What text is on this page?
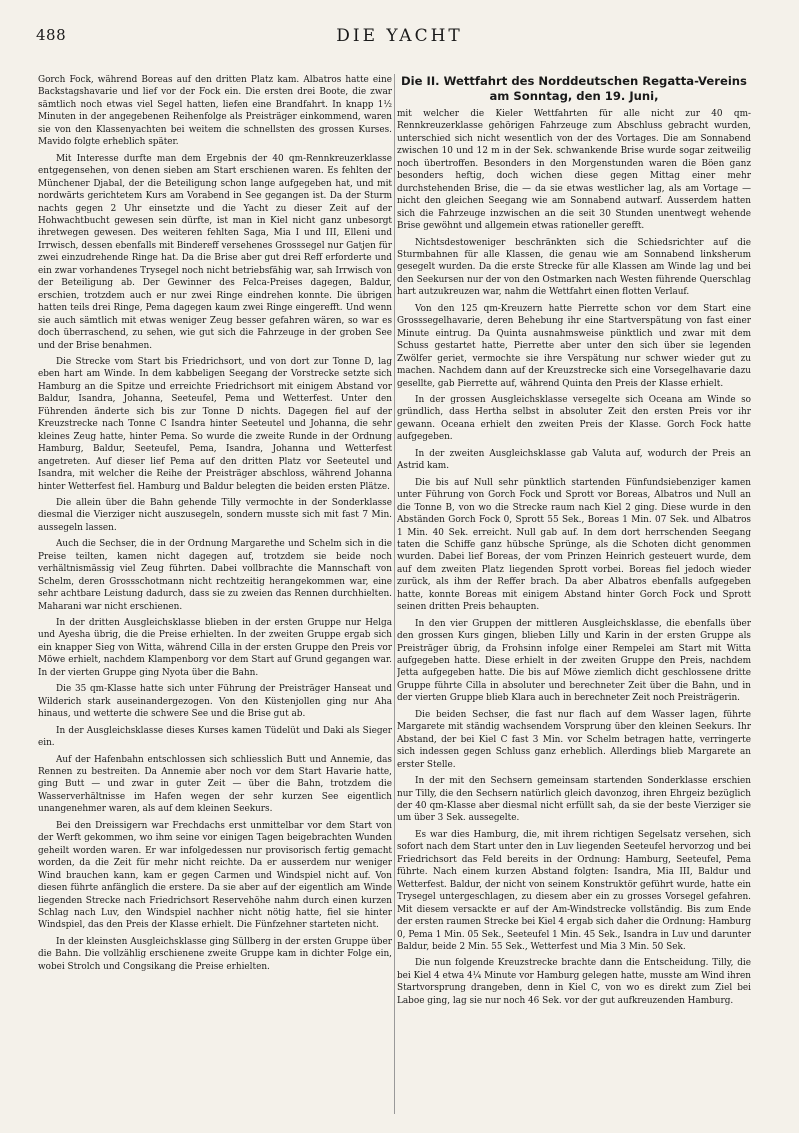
488	DIE YACHT

Gorch Fock, während Boreas auf den dritten Platz kam. Albatros hatte eine Backstagshavarie und lief vor der Fock ein. Die ersten drei Boote, die zwar sämtlich noch etwas viel Segel hatten, liefen eine Brandfahrt. In knapp 1½ Minuten in der angegebenen Reihenfolge als Preisträger einkommend, waren sie von den Klassenyachten bei weitem die schnellsten des grossen Kurses. Mavido folgte erheblich später.

Mit Interesse durfte man dem Ergebnis der 40 qm-Rennkreuzerklasse entgegensehen, von denen sieben am Start erschienen waren. Es fehlten der Münchener Djabal, der die Beteiligung schon lange aufgegeben hat, und mit nordwärts gerichtetem Kurs am Vorabend in See gegangen ist. Da der Sturm nachts gegen 2 Uhr einsetzte und die Yacht zu dieser Zeit auf der Hohwachtbucht gewesen sein dürfte, ist man in Kiel nicht ganz unbesorgt ihretwegen gewesen. Des weiteren fehlten Saga, Mia I und III, Elleni und Irrwisch, dessen ebenfalls mit Bindereff versehenes Grosssegel nur Gatjen für zwei einzudrehende Ringe hat. Da die Brise aber gut drei Reff erforderte und ein zwar vorhandenes Trysegel noch nicht betriebsfähig war, sah Irrwisch von der Beteiligung ab. Der Gewinner des Felca-Preises dagegen, Baldur, erschien, trotzdem auch er nur zwei Ringe eindrehen konnte. Die übrigen hatten teils drei Ringe, Pema dagegen kaum zwei Ringe eingerefft. Und wenn sie auch sämtlich mit etwas weniger Zeug besser gefahren wären, so war es doch überraschend, zu sehen, wie gut sich die Fahrzeuge in der groben See und der Brise benahmen.

Die Strecke vom Start bis Friedrichsort, und von dort zur Tonne D, lag eben hart am Winde. In dem kabbeligen Seegang der Vorstrecke setzte sich Hamburg an die Spitze und erreichte Friedrichsort mit einigem Abstand vor Baldur, Isandra, Johanna, Seeteufel, Pema und Wetterfest. Unter den Führenden änderte sich bis zur Tonne D nichts. Dagegen fiel auf der Kreuzstrecke nach Tonne C Isandra hinter Seeteutel und Johanna, die sehr kleines Zeug hatte, hinter Pema. So wurde die zweite Runde in der Ordnung Hamburg, Baldur, Seeteufel, Pema, Isandra, Johanna und Wetterfest angetreten. Auf dieser lief Pema auf den dritten Platz vor Seeteutel und Isandra, mit welcher die Reihe der Preisträger abschloss, während Johanna hinter Wetterfest fiel. Hamburg und Baldur belegten die beiden ersten Plätze.

Die allein über die Bahn gehende Tilly vermochte in der Sonderklasse diesmal die Vierziger nicht auszusegeln, sondern musste sich mit fast 7 Min. aussegeln lassen.

Auch die Sechser, die in der Ordnung Margarethe und Schelm sich in die Preise teilten, kamen nicht dagegen auf, trotzdem sie beide noch verhältnismässig viel Zeug führten. Dabei vollbrachte die Mannschaft von Schelm, deren Grossschotmann nicht rechtzeitig herangekommen war, eine sehr achtbare Leistung dadurch, dass sie zu zweien das Rennen durchhielten. Maharani war nicht erschienen.

In der dritten Ausgleichsklasse blieben in der ersten Gruppe nur Helga und Ayesha übrig, die die Preise erhielten. In der zweiten Gruppe ergab sich ein knapper Sieg von Witta, während Cilla in der ersten Gruppe den Preis vor Möwe erhielt, nachdem Klampenborg vor dem Start auf Grund gegangen war. In der vierten Gruppe ging Nyota über die Bahn.

Die 35 qm-Klasse hatte sich unter Führung der Preisträger Hanseat und Wilderich stark auseinandergezogen. Von den Küstenjollen ging nur Aha hinaus, und wetterte die schwere See und die Brise gut ab.

In der Ausgleichsklasse dieses Kurses kamen Tüdelüt und Daki als Sieger ein.

Auf der Hafenbahn entschlossen sich schliesslich Butt und Annemie, das Rennen zu bestreiten. Da Annemie aber noch vor dem Start Havarie hatte, ging Butt — und zwar in guter Zeit — über die Bahn, trotzdem die Wasserverhältnisse im Hafen wegen der sehr kurzen See eigentlich unangenehmer waren, als auf dem kleinen Seekurs.

Bei den Dreissigern war Frechdachs erst unmittelbar vor dem Start von der Werft gekommen, wo ihm seine vor einigen Tagen beigebrachten Wunden geheilt worden waren. Er war infolgedessen nur provisorisch fertig gemacht worden, da die Zeit für mehr nicht reichte. Da er ausserdem nur weniger Wind brauchen kann, kam er gegen Carmen und Windspiel nicht auf. Von diesen führte anfänglich die erstere. Da sie aber auf der eigentlich am Winde liegenden Strecke nach Friedrichsort Reservehöhe nahm durch einen kurzen Schlag nach Luv, den Windspiel nachher nicht nötig hatte, fiel sie hinter Windspiel, das den Preis der Klasse erhielt. Die Fünfzehner starteten nicht.

In der kleinsten Ausgleichsklasse ging Süllberg in der ersten Gruppe über die Bahn. Die vollzählig erschienene zweite Gruppe kam in dichter Folge ein, wobei Strolch und Congsikang die Preise erhielten.

Die II. Wettfahrt des Norddeutschen Regatta-Vereins
am Sonntag, den 19. Juni,

mit welcher die Kieler Wettfahrten für alle nicht zur 40 qm-Rennkreuzerklasse gehörigen Fahrzeuge zum Abschluss gebracht wurden, unterschied sich nicht wesentlich von der des Vortages. Die am Sonnabend zwischen 10 und 12 m in der Sek. schwankende Brise wurde sogar zeitweilig noch übertroffen. Besonders in den Morgenstunden waren die Böen ganz besonders heftig, doch wichen diese gegen Mittag einer mehr durchstehenden Brise, die — da sie etwas westlicher lag, als am Vortage — nicht den gleichen Seegang wie am Sonnabend autwarf. Ausserdem hatten sich die Fahrzeuge inzwischen an die seit 30 Stunden unentwegt wehende Brise gewöhnt und allgemein etwas rationeller gerefft.

Nichtsdestoweniger beschränkten sich die Schiedsrichter auf die Sturmbahnen für alle Klassen, die genau wie am Sonnabend linksherum gesegelt wurden. Da die erste Strecke für alle Klassen am Winde lag und bei den Seekursen nur der von den Ostmarken nach Westen führende Querschlag hart autzukreuzen war, nahm die Wettfahrt einen flotten Verlauf.

Von den 125 qm-Kreuzern hatte Pierrette schon vor dem Start eine Grosssegelhavarie, deren Behebung ihr eine Startverspätung von fast einer Minute eintrug. Da Quinta ausnahmsweise pünktlich und zwar mit dem Schuss gestartet hatte, Pierrette aber unter den sich über sie legenden Zwölfer geriet, vermochte sie ihre Verspätung nur schwer wieder gut zu machen. Nachdem dann auf der Kreuzstrecke sich eine Vorsegelhavarie dazu gesellte, gab Pierrette auf, während Quinta den Preis der Klasse erhielt.

In der grossen Ausgleichsklasse versegelte sich Oceana am Winde so gründlich, dass Hertha selbst in absoluter Zeit den ersten Preis vor ihr gewann. Oceana erhielt den zweiten Preis der Klasse. Gorch Fock hatte aufgegeben.

In der zweiten Ausgleichsklasse gab Valuta auf, wodurch der Preis an Astrid kam.

Die bis auf Null sehr pünktlich startenden Fünfundsiebenziger kamen unter Führung von Gorch Fock und Sprott vor Boreas, Albatros und Null an die Tonne B, von wo die Strecke raum nach Kiel 2 ging. Diese wurde in den Abständen Gorch Fock 0, Sprott 55 Sek., Boreas 1 Min. 07 Sek. und Albatros 1 Min. 40 Sek. erreicht. Null gab auf. In dem dort herrschenden Seegang taten die Schiffe ganz hübsche Sprünge, als die Schoten dicht genommen wurden. Dabei lief Boreas, der vom Prinzen Heinrich gesteuert wurde, dem auf dem zweiten Platz liegenden Sprott vorbei. Boreas fiel jedoch wieder zurück, als ihm der Reffer brach. Da aber Albatros ebenfalls aufgegeben hatte, konnte Boreas mit einigem Abstand hinter Gorch Fock und Sprott seinen dritten Preis behaupten.

In den vier Gruppen der mittleren Ausgleichsklasse, die ebenfalls über den grossen Kurs gingen, blieben Lilly und Karin in der ersten Gruppe als Preisträger übrig, da Frohsinn infolge einer Rempelei am Start mit Witta aufgegeben hatte. Diese erhielt in der zweiten Gruppe den Preis, nachdem Jetta aufgegeben hatte. Die bis auf Möwe ziemlich dicht geschlossene dritte Gruppe führte Cilla in absoluter und berechneter Zeit über die Bahn, und in der vierten Gruppe blieb Klara auch in berechneter Zeit noch Preisträgerin.

Die beiden Sechser, die fast nur flach auf dem Wasser lagen, führte Margarete mit ständig wachsendem Vorsprung über den kleinen Seekurs. Ihr Abstand, der bei Kiel C fast 3 Min. vor Schelm betragen hatte, verringerte sich indessen gegen Schluss ganz erheblich. Allerdings blieb Margarete an erster Stelle.

In der mit den Sechsern gemeinsam startenden Sonderklasse erschien nur Tilly, die den Sechsern natürlich gleich davonzog, ihren Ehrgeiz bezüglich der 40 qm-Klasse aber diesmal nicht erfüllt sah, da sie der beste Vierziger sie um über 3 Sek. aussegelte.

Es war dies Hamburg, die, mit ihrem richtigen Segelsatz versehen, sich sofort nach dem Start unter den in Luv liegenden Seeteufel hervorzog und bei Friedrichsort das Feld bereits in der Ordnung: Hamburg, Seeteufel, Pema führte. Nach einem kurzen Abstand folgten: Isandra, Mia III, Baldur und Wetterfest. Baldur, der nicht von seinem Konstruktör geführt wurde, hatte ein Trysegel untergeschlagen, zu diesem aber ein zu grosses Vorsegel gefahren. Mit diesem versackte er auf der Am-Windstrecke vollständig. Bis zum Ende der ersten raumen Strecke bei Kiel 4 ergab sich daher die Ordnung: Hamburg 0, Pema 1 Min. 05 Sek., Seeteufel 1 Min. 45 Sek., Isandra in Luv und darunter Baldur, beide 2 Min. 55 Sek., Wetterfest und Mia 3 Min. 50 Sek.

Die nun folgende Kreuzstrecke brachte dann die Entscheidung. Tilly, die bei Kiel 4 etwa 4¼ Minute vor Hamburg gelegen hatte, musste am Wind ihren Startvorsprung drangeben, denn in Kiel C, von wo es direkt zum Ziel bei Laboe ging, lag sie nur noch 46 Sek. vor der gut aufkreuzenden Hamburg.
